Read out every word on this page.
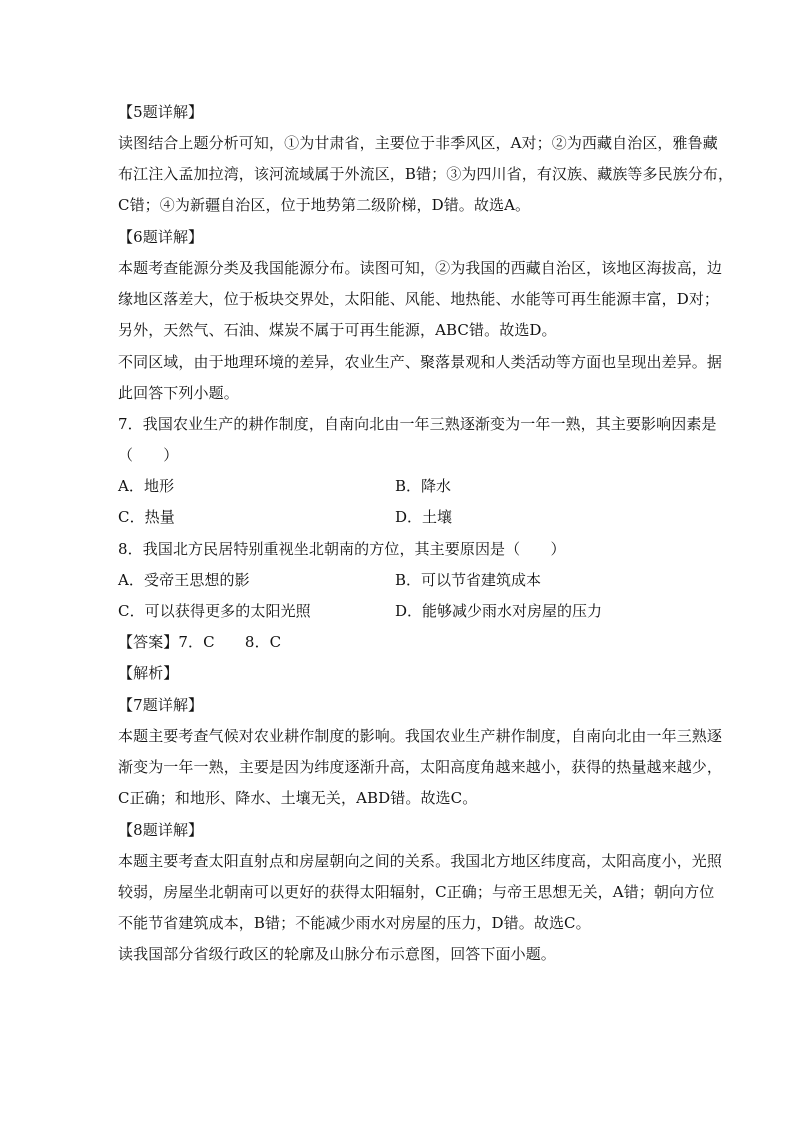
【5题详解】
读图结合上题分析可知，①为甘肃省，主要位于非季风区，A对；②为西藏自治区，雅鲁藏
布江注入孟加拉湾，该河流域属于外流区，B错；③为四川省，有汉族、藏族等多民族分布，
C错；④为新疆自治区，位于地势第二级阶梯，D错。故选A。
【6题详解】
本题考查能源分类及我国能源分布。读图可知，②为我国的西藏自治区，该地区海拔高，边
缘地区落差大，位于板块交界处，太阳能、风能、地热能、水能等可再生能源丰富，D对；
另外，天然气、石油、煤炭不属于可再生能源，ABC错。故选D。
不同区域，由于地理环境的差异，农业生产、聚落景观和人类活动等方面也呈现出差异。据
此回答下列小题。
7．我国农业生产的耕作制度，自南向北由一年三熟逐渐变为一年一熟，其主要影响因素是
（　　）
A．地形	B．降水
C．热量	D．土壤
8．我国北方民居特别重视坐北朝南的方位，其主要原因是（　　）
A．受帝王思想的影	B．可以节省建筑成本
C．可以获得更多的太阳光照	D．能够减少雨水对房屋的压力
【答案】7．C　　8．C
【解析】
【7题详解】
本题主要考查气候对农业耕作制度的影响。我国农业生产耕作制度，自南向北由一年三熟逐
渐变为一年一熟，主要是因为纬度逐渐升高，太阳高度角越来越小，获得的热量越来越少，
C正确；和地形、降水、土壤无关，ABD错。故选C。
【8题详解】
本题主要考查太阳直射点和房屋朝向之间的关系。我国北方地区纬度高，太阳高度小，光照
较弱，房屋坐北朝南可以更好的获得太阳辐射，C正确；与帝王思想无关，A错；朝向方位
不能节省建筑成本，B错；不能减少雨水对房屋的压力，D错。故选C。
读我国部分省级行政区的轮廓及山脉分布示意图，回答下面小题。
